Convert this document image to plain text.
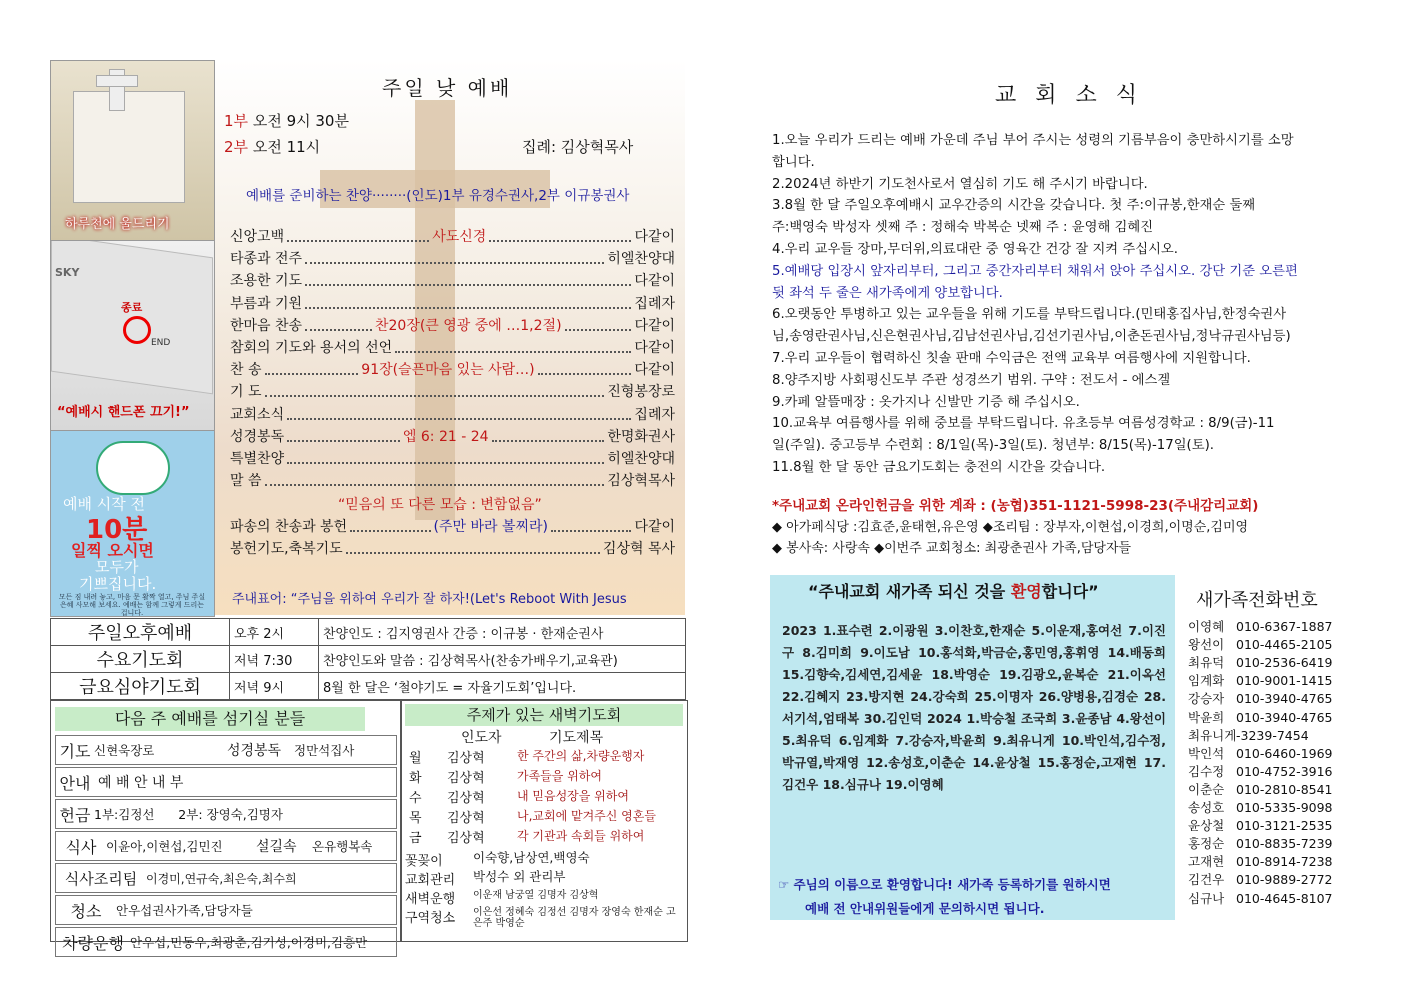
하루천에 울드리기
SKY
종료
END
“예배시 핸드폰 끄기!”
예배 시작 전
10분
일찍 오시면
모두가
기쁘집니다.
모든 짐 내려 놓고, 마음 문 활짝 열고, 주님 주실 은혜 사모해 보세요. 예배는 함께 그렇게 드리는 겁니다.
주일 낮 예배
1부 오전 9시 30분
2부 오전 11시	집례: 김상혁목사
예배를 준비하는 찬양········(인도)1부 유경수권사,2부 이규봉권사
신앙고백	사도신경	다같이
타종과 전주	히엘찬양대
조용한 기도	다같이
부름과 기원	집례자
한마음 찬송	찬20장(큰 영광 중에 …1,2절)	다같이
참회의 기도와 용서의 선언	다같이
찬 송	91장(슬픈마음 있는 사람…)	다같이
기 도	진형봉장로
교회소식	집례자
성경봉독	엡 6: 21 - 24	한명화권사
특별찬양	히엘찬양대
말 씀	김상혁목사
“믿음의 또 다른 모습 : 변함없음”
파송의 찬송과 봉헌	(주만 바라 볼찌라)	다같이
봉헌기도,축복기도	김상혁 목사
주내표어: “주님을 위하여 우리가 잘 하자!(Let's Reboot With Jesus
주일오후예배	오후 2시	찬양인도 : 김지영권사 간증 : 이규봉 · 한재순권사
수요기도회	저녁 7:30	찬양인도와 말씀 : 김상혁목사(찬송가배우기,교육관)
금요심야기도회	저녁 9시	8월 한 달은 ‘철야기도 = 자율기도회’입니다.
다음 주 예배를 섬기실 분들
기도 신현욱장로	성경봉독	정만석집사
안내 예 배 안 내 부
헌금 1부:김정선      2부: 장영숙,김명자
식사 이윤아,이현섭,김민진	설길속	온유행복속
식사조리팀 이경미,연규숙,최은숙,최수희
청소	안우섭권사가족,담당자들
차량운행 안우섭,민동우,최광춘,김기성,이경미,김흥만
주제가 있는 새벽기도회
인도자	기도제목
월 김상혁	한 주간의 삶,차량운행자
화 김상혁	가족들을 위하여
수 김상혁	내 믿음성장을 위하여
목 김상혁	나,교회에 맡겨주신 영혼들
금 김상혁	각 기관과 속회들 위하여
꽃꽂이 이숙향,남상연,백영숙
교회관리 박성수 외 관리부
새벽운행 이운재 남궁열 김명자 김상혁
구역청소 이은선 정혜숙 김정선 김명자 장영숙 한재순 고은주 박영순
교 회 소 식
1.오늘 우리가 드리는 예배 가운데 주님 부어 주시는 성령의 기름부음이 충만하시기를 소망
합니다.
2.2024년 하반기 기도천사로서 열심히 기도 해 주시기 바랍니다.
3.8월 한 달 주일오후예배시 교우간증의 시간을 갖습니다. 첫 주:이규봉,한재순 둘째
주:백영숙 박성자 셋째 주 : 정해숙 박복순 넷째 주 : 윤영해 김혜진
4.우리 교우들 장마,무더위,의료대란 중 영육간 건강 잘 지켜 주십시오.
5.예배당 입장시 앞자리부터, 그리고 중간자리부터 채워서 앉아 주십시오. 강단 기준 오른편
뒷 좌석 두 줄은 새가족에게 양보합니다.
6.오랫동안 투병하고 있는 교우들을 위해 기도를 부탁드립니다.(민태홍집사님,한정숙권사
님,송영란권사님,신은현권사님,김남선권사님,김선기권사님,이춘돈권사님,정낙규권사님등)
7.우리 교우들이 협력하신 칫솔 판매 수익금은 전액 교육부 여름행사에 지원합니다.
8.양주지방 사회평신도부 주관 성경쓰기 범위. 구약 : 전도서 - 에스겔
9.카페 알뜰매장 : 옷가지나 신발만 기증 해 주십시오.
10.교육부 여름행사를 위해 중보를 부탁드립니다. 유초등부 여름성경학교 : 8/9(금)-11
일(주일). 중고등부 수련회 : 8/1일(목)-3일(토). 청년부: 8/15(목)-17일(토).
11.8월 한 달 동안 금요기도회는 충전의 시간을 갖습니다.
*주내교회 온라인헌금을 위한 계좌 : (농협)351-1121-5998-23(주내감리교회)
◆ 아가페식당 :김효준,윤태현,유은영 ◆조리팀 : 장부자,이현섭,이경희,이명순,김미영
◆ 봉사속: 사랑속 ◆이번주 교회청소: 최광춘권사 가족,담당자들
“주내교회 새가족 되신 것을 환영합니다”
2023 1.표수련 2.이광원 3.이찬호,한재순 5.이운재,홍여선 7.이진구 8.김미희 9.이도남 10.홍석화,박금순,홍민영,홍휘영 14.배동희 15.김향숙,김세연,김세윤 18.박영순 19.김광오,윤복순 21.이옥선 22.김혜지 23.방지현 24.강숙희 25.이명자 26.양병용,김경순 28.서기석,엄태복 30.김인덕 2024 1.박승철 조국희 3.윤종남 4.왕선이 5.최유덕 6.임계화 7.강승자,박윤희 9.최유니게 10.박인석,김수정,박규열,박재영 12.송성호,이춘순 14.윤상철 15.홍정순,고재현 17.김건우 18.심규나 19.이영혜
☞ 주님의 이름으로 환영합니다! 새가족 등록하기를 원하시면
예배 전 안내위원들에게 문의하시면 됩니다.
새가족전화번호
이영혜 010-6367-1887
왕선이 010-4465-2105
최유덕 010-2536-6419
임계화 010-9001-1415
강승자 010-3940-4765
박윤희 010-3940-4765
최유니게-3239-7454
박인석 010-6460-1969
김수정 010-4752-3916
이춘순 010-2810-8541
송성호 010-5335-9098
윤상철 010-3121-2535
홍정순 010-8835-7239
고재현 010-8914-7238
김건우 010-9889-2772
심규나 010-4645-8107
